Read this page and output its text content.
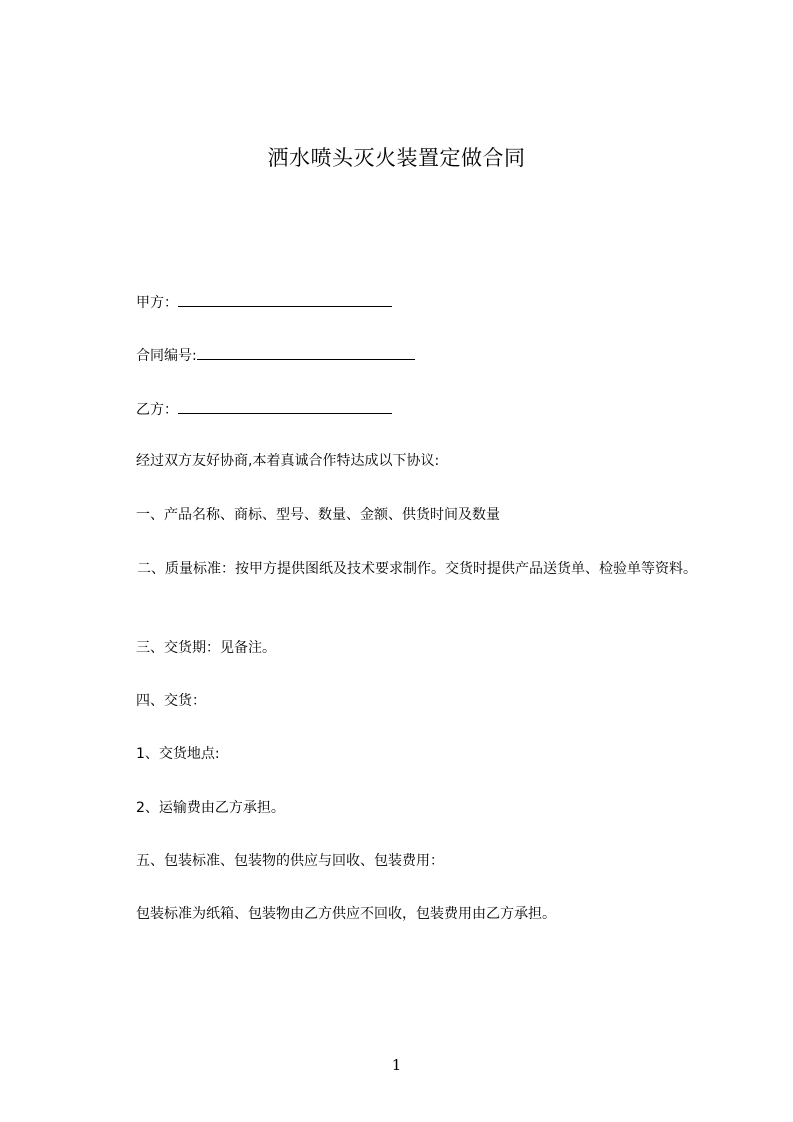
洒水喷头灭火装置定做合同
甲方：
合同编号:
乙方：
经过双方友好协商,本着真诚合作特达成以下协议:
一、产品名称、商标、型号、数量、金额、供货时间及数量
二、质量标准：按甲方提供图纸及技术要求制作。交货时提供产品送货单、检验单等资料。
三、交货期：见备注。
四、交货：
1、交货地点:
2、运输费由乙方承担。
五、包装标准、包装物的供应与回收、包装费用：
包装标准为纸箱、包装物由乙方供应不回收，包装费用由乙方承担。
1
